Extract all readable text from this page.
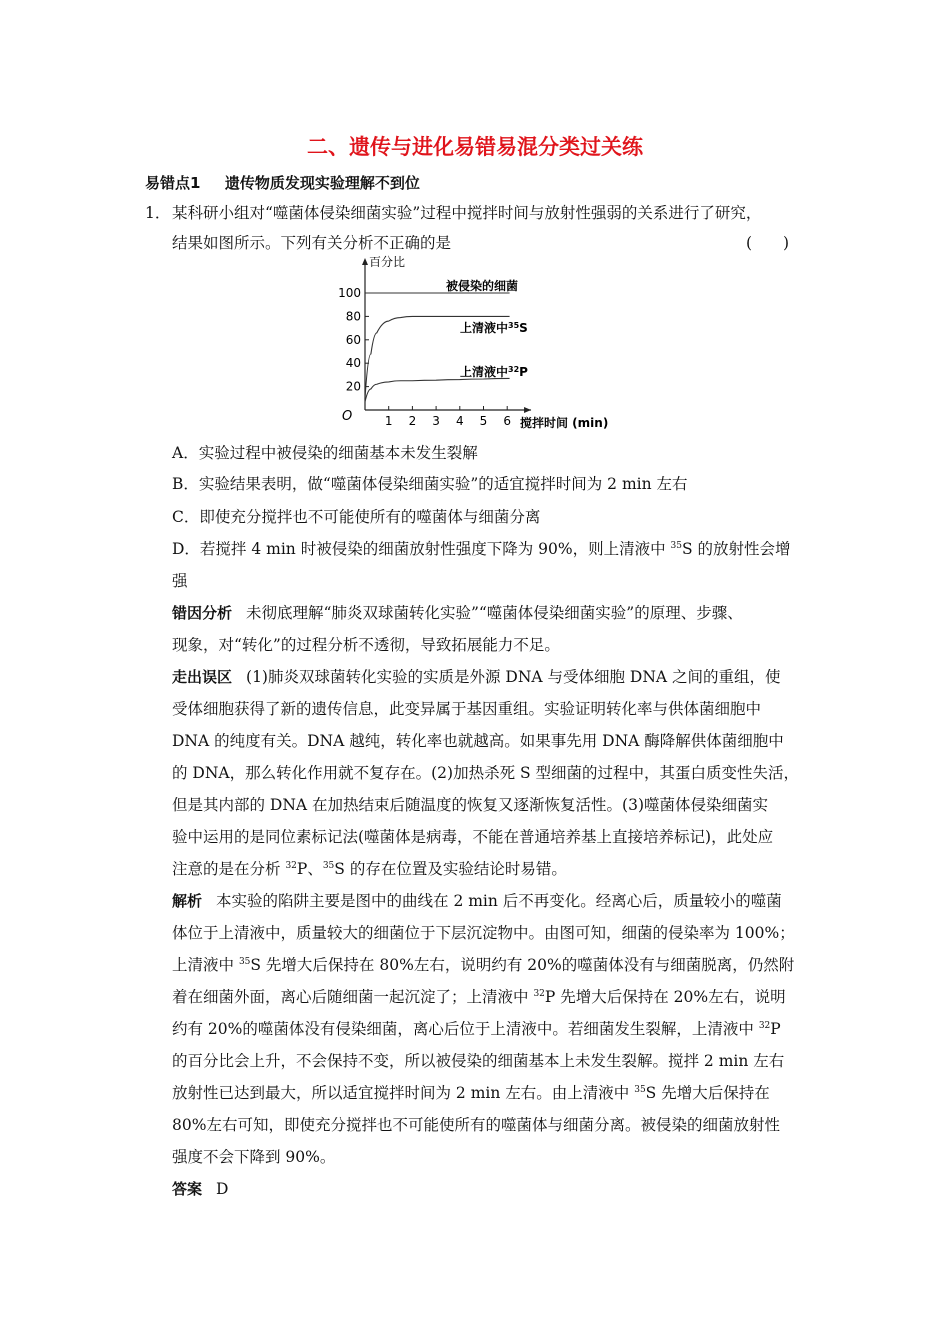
二、遗传与进化易错易混分类过关练
易错点1 遗传物质发现实验理解不到位
1． 某科研小组对“噬菌体侵染细菌实验”过程中搅拌时间与放射性强弱的关系进行了研究，
结果如图所示。下列有关分析不正确的是	(　　)
1 2 3 4 5 6
20
40
60
80
100
百分比
搅拌时间 (min)
O
被侵染的细菌
上清液中$^{35}$S
上清液中$^{32}$P
A．实验过程中被侵染的细菌基本未发生裂解
B．实验结果表明，做“噬菌体侵染细菌实验”的适宜搅拌时间为 2 min 左右
C．即使充分搅拌也不可能使所有的噬菌体与细菌分离
D．若搅拌 4 min 时被侵染的细菌放射性强度下降为 90%，则上清液中 $^{35}$S 的放射性会增
强
错因分析 未彻底理解“肺炎双球菌转化实验”“噬菌体侵染细菌实验”的原理、步骤、
现象，对“转化”的过程分析不透彻，导致拓展能力不足。
走出误区 (1)肺炎双球菌转化实验的实质是外源 DNA 与受体细胞 DNA 之间的重组，使
受体细胞获得了新的遗传信息，此变异属于基因重组。实验证明转化率与供体菌细胞中
DNA 的纯度有关。DNA 越纯，转化率也就越高。如果事先用 DNA 酶降解供体菌细胞中
的 DNA，那么转化作用就不复存在。(2)加热杀死 S 型细菌的过程中，其蛋白质变性失活，
但是其内部的 DNA 在加热结束后随温度的恢复又逐渐恢复活性。(3)噬菌体侵染细菌实
验中运用的是同位素标记法(噬菌体是病毒，不能在普通培养基上直接培养标记)，此处应
注意的是在分析 $^{32}$P、$^{35}$S 的存在位置及实验结论时易错。
解析 本实验的陷阱主要是图中的曲线在 2 min 后不再变化。经离心后，质量较小的噬菌
体位于上清液中，质量较大的细菌位于下层沉淀物中。由图可知，细菌的侵染率为 100%；
上清液中 $^{35}$S 先增大后保持在 80%左右，说明约有 20%的噬菌体没有与细菌脱离，仍然附
着在细菌外面，离心后随细菌一起沉淀了；上清液中 $^{32}$P 先增大后保持在 20%左右，说明
约有 20%的噬菌体没有侵染细菌，离心后位于上清液中。若细菌发生裂解，上清液中 $^{32}$P
的百分比会上升，不会保持不变，所以被侵染的细菌基本上未发生裂解。搅拌 2 min 左右
放射性已达到最大，所以适宜搅拌时间为 2 min 左右。由上清液中 $^{35}$S 先增大后保持在
80%左右可知，即使充分搅拌也不可能使所有的噬菌体与细菌分离。被侵染的细菌放射性
强度不会下降到 90%。
答案 D
